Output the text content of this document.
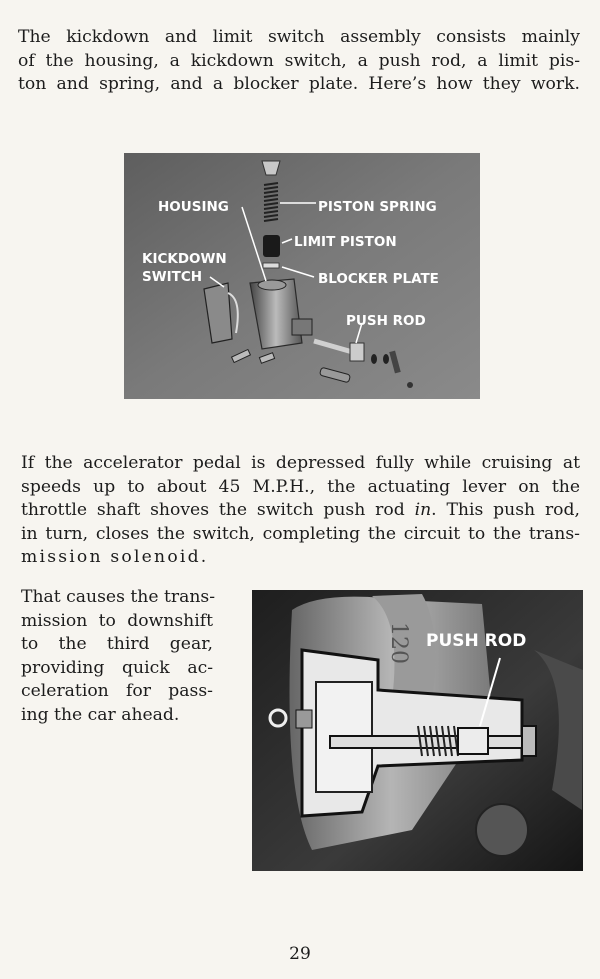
The kickdown and limit switch assembly consists mainly
of the housing, a kickdown switch, a push rod, a limit pis-
ton and spring, and a blocker plate. Here’s how they work.

HOUSING	PISTON SPRING
LIMIT PISTON
KICKDOWN
SWITCH	BLOCKER PLATE
PUSH ROD

If the accelerator pedal is depressed fully while cruising at
speeds up to about 45 M.P.H., the actuating lever on the
throttle shaft shoves the switch push rod in. This push rod,
in turn, closes the switch, completing the circuit to the trans-
mission solenoid.

That causes the trans-
mission to downshift
to the third gear,
providing quick ac-
celeration for pass-
ing the car ahead.

120 PUSH ROD
29
